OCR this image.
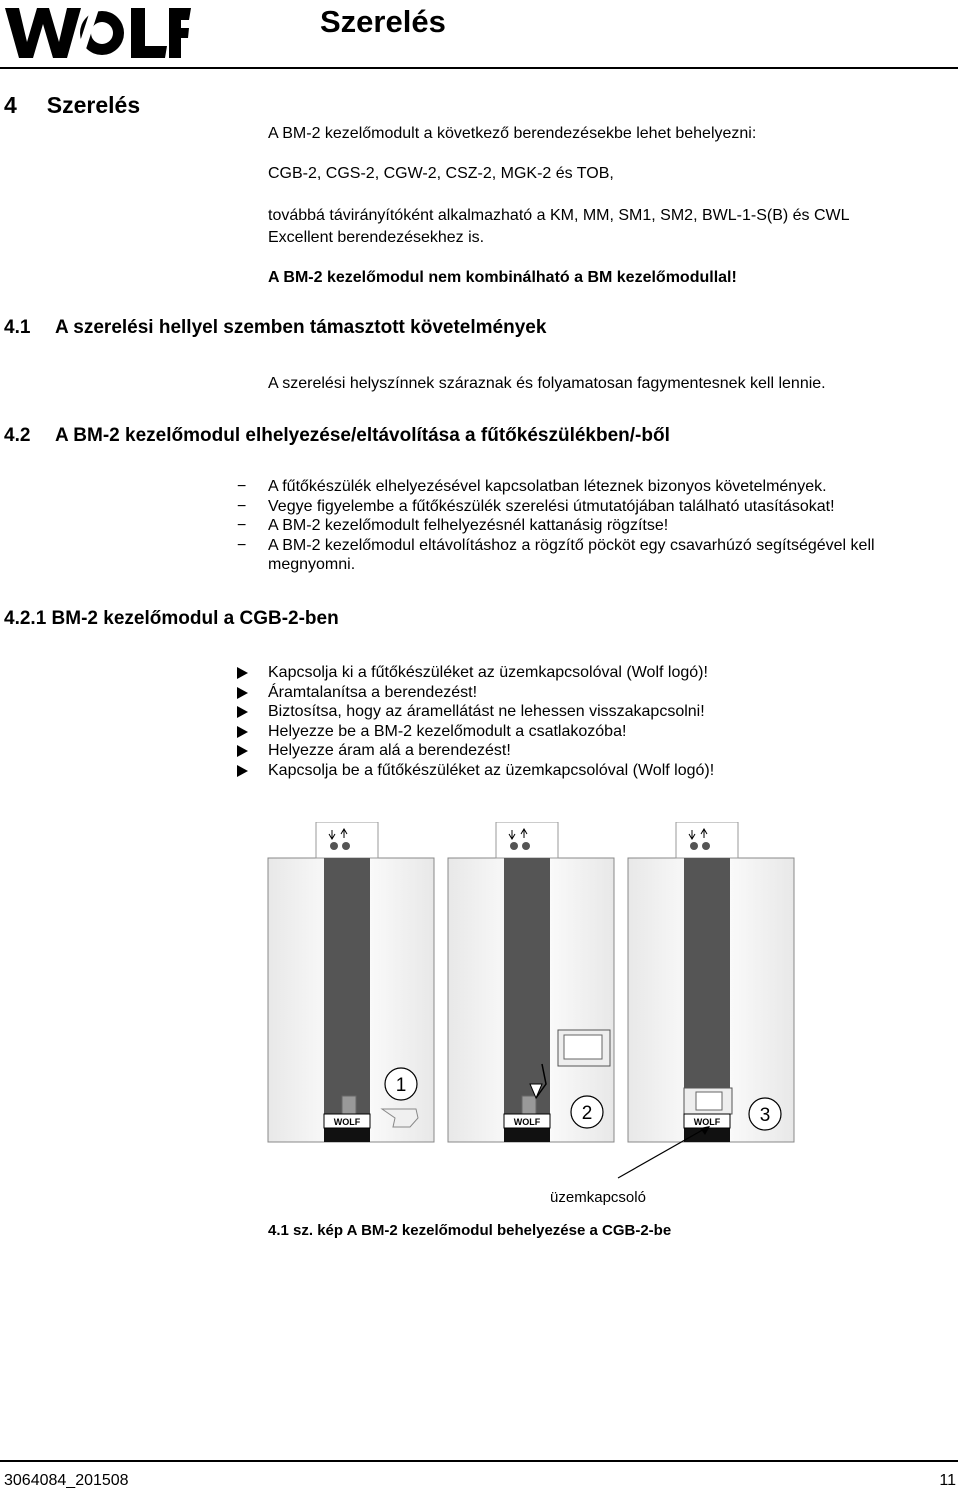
Szerelés
4 Szerelés
A BM-2 kezelőmodult a következő berendezésekbe lehet behelyezni:
CGB-2, CGS-2, CGW-2, CSZ-2, MGK-2 és TOB,
továbbá távirányítóként alkalmazható a KM, MM, SM1, SM2, BWL-1-S(B) és CWL
Excellent berendezésekhez is.
A BM-2 kezelőmodul nem kombinálható a BM kezelőmodullal!
4.1 A szerelési hellyel szemben támasztott követelmények
A szerelési helyszínnek száraznak és folyamatosan fagymentesnek kell lennie.
4.2 A BM-2 kezelőmodul elhelyezése/eltávolítása a fűtőkészülékben/-ből
− A fűtőkészülék elhelyezésével kapcsolatban léteznek bizonyos követelmények.
− Vegye figyelembe a fűtőkészülék szerelési útmutatójában található utasításokat!
− A BM-2 kezelőmodult felhelyezésnél kattanásig rögzítse!
− A BM-2 kezelőmodul eltávolításhoz a rögzítő pöcköt egy csavarhúzó segítségével kell megnyomni.
4.2.1 BM-2 kezelőmodul a CGB-2-ben
Kapcsolja ki a fűtőkészüléket az üzemkapcsolóval (Wolf logó)!
Áramtalanítsa a berendezést!
Biztosítsa, hogy az áramellátást ne lehessen visszakapcsolni!
Helyezze be a BM-2 kezelőmodult a csatlakozóba!
Helyezze áram alá a berendezést!
Kapcsolja be a fűtőkészüléket az üzemkapcsolóval (Wolf logó)!
WOLF
1
WOLF 2	WOLF 3
üzemkapcsoló
4.1 sz. kép A BM-2 kezelőmodul behelyezése a CGB-2-be
3064084_201508	11
